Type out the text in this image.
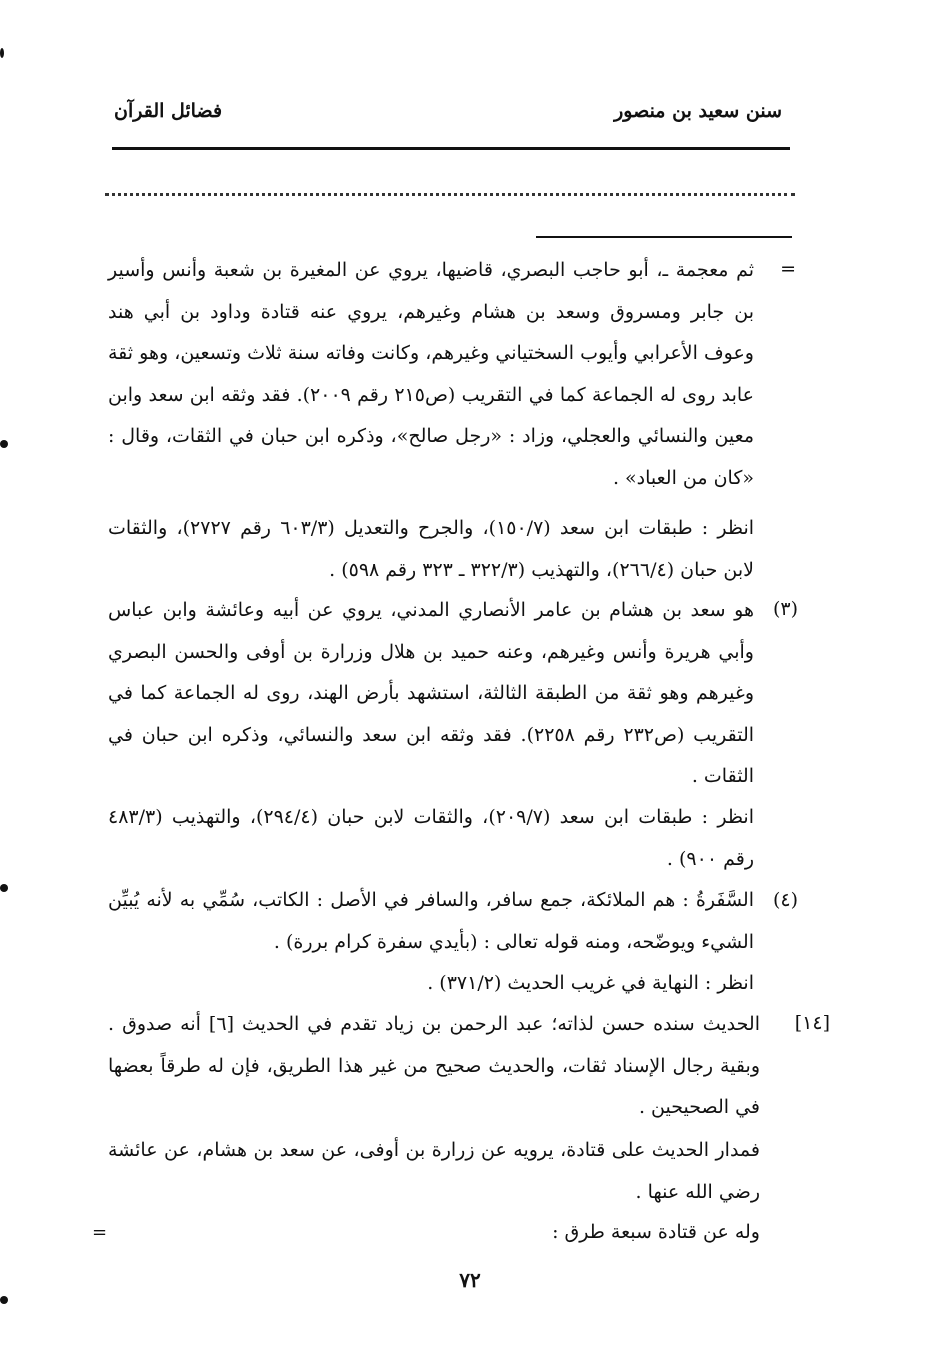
سنن سعيد بن منصور
فضائل القرآن
=
ثم معجمة ـ، أبو حاجب البصري، قاضيها، يروي عن المغيرة بن شعبة وأنس وأسير بن جابر ومسروق وسعد بن هشام وغيرهم، يروي عنه قتادة وداود بن أبي هند وعوف الأعرابي وأيوب السختياني وغيرهم، وكانت وفاته سنة ثلاث وتسعين، وهو ثقة عابد روى له الجماعة كما في التقريب (ص٢١٥ رقم ٢٠٠٩). فقد وثقه ابن سعد وابن معين والنسائي والعجلي، وزاد : «رجل صالح»، وذكره ابن حبان في الثقات، وقال : «كان من العباد» .
انظر : طبقات ابن سعد (١٥٠/٧)، والجرح والتعديل (٦٠٣/٣ رقم ٢٧٢٧)، والثقات لابن حبان (٢٦٦/٤)، والتهذيب (٣٢٢/٣ ـ ٣٢٣ رقم ٥٩٨) .
(٣)
هو سعد بن هشام بن عامر الأنصاري المدني، يروي عن أبيه وعائشة وابن عباس وأبي هريرة وأنس وغيرهم، وعنه حميد بن هلال وزرارة بن أوفى والحسن البصري وغيرهم وهو ثقة من الطبقة الثالثة، استشهد بأرض الهند، روى له الجماعة كما في التقريب (ص٢٣٢ رقم ٢٢٥٨). فقد وثقه ابن سعد والنسائي، وذكره ابن حبان في الثقات .
انظر : طبقات ابن سعد (٢٠٩/٧)، والثقات لابن حبان (٢٩٤/٤)، والتهذيب (٤٨٣/٣ رقم ٩٠٠) .
(٤)
السَّفَرةُ : هم الملائكة، جمع سافر، والسافر في الأصل : الكاتب، سُمِّي به لأنه يُبيِّن الشيء ويوضّحه، ومنه قوله تعالى : (بأيدي سفرة كرام بررة) .
انظر : النهاية في غريب الحديث (٣٧١/٢) .
[١٤]
الحديث سنده حسن لذاته؛ عبد الرحمن بن زياد تقدم في الحديث [٦] أنه صدوق . وبقية رجال الإسناد ثقات، والحديث صحيح من غير هذا الطريق، فإن له طرقاً بعضها في الصحيحين .
فمدار الحديث على قتادة، يرويه عن زرارة بن أوفى، عن سعد بن هشام، عن عائشة رضي الله عنها .
وله عن قتادة سبعة طرق :
=
٧٢
